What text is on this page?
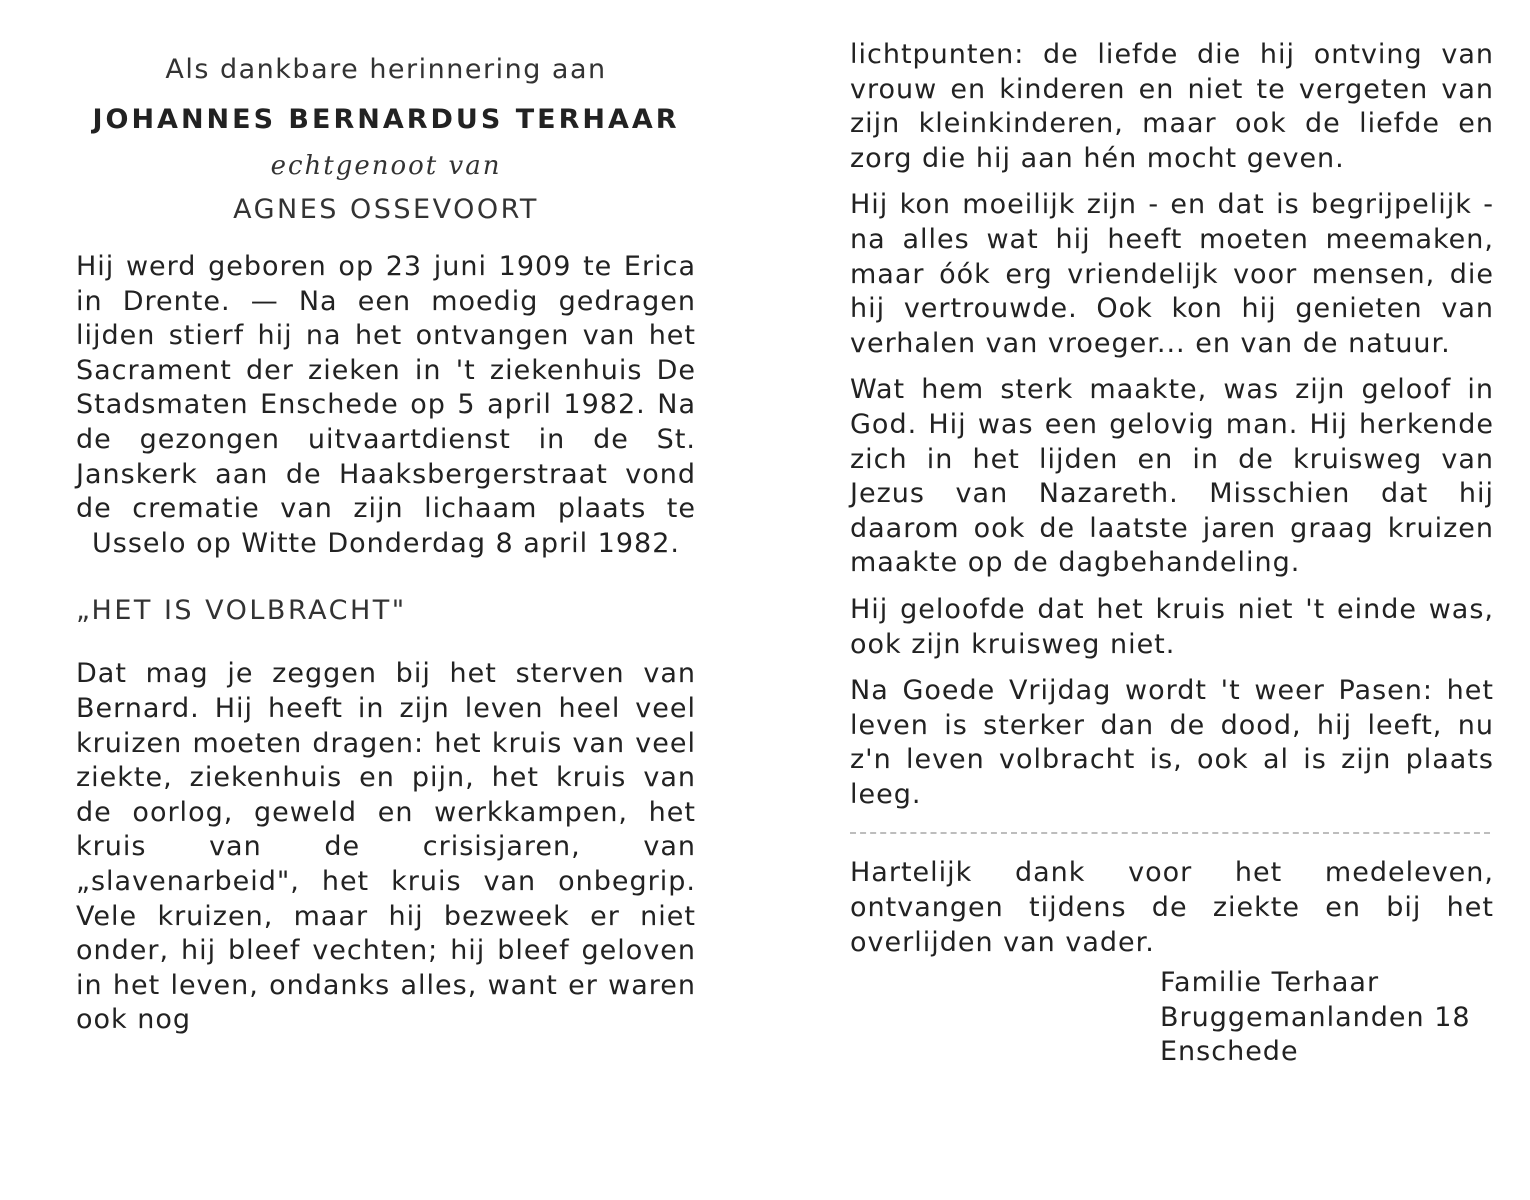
Als dankbare herinnering aan
JOHANNES BERNARDUS TERHAAR
echtgenoot van
AGNES OSSEVOORT
Hij werd geboren op 23 juni 1909 te Erica in Drente. — Na een moedig gedragen lijden stierf hij na het ontvangen van het Sacrament der zieken in 't ziekenhuis De Stadsmaten Enschede op 5 april 1982. Na de gezongen uitvaartdienst in de St. Janskerk aan de Haaksbergerstraat vond de crematie van zijn lichaam plaats te Usselo op Witte Donderdag 8 april 1982.
„HET IS VOLBRACHT"
Dat mag je zeggen bij het sterven van Bernard. Hij heeft in zijn leven heel veel kruizen moeten dragen: het kruis van veel ziekte, ziekenhuis en pijn, het kruis van de oorlog, geweld en werkkampen, het kruis van de crisisjaren, van „slavenarbeid", het kruis van onbegrip. Vele kruizen, maar hij bezweek er niet onder, hij bleef vechten; hij bleef geloven in het leven, ondanks alles, want er waren ook nog
lichtpunten: de liefde die hij ontving van vrouw en kinderen en niet te vergeten van zijn kleinkinderen, maar ook de liefde en zorg die hij aan hén mocht geven.
Hij kon moeilijk zijn - en dat is begrijpelijk - na alles wat hij heeft moeten meemaken, maar óók erg vriendelijk voor mensen, die hij vertrouwde. Ook kon hij genieten van verhalen van vroeger... en van de natuur.
Wat hem sterk maakte, was zijn geloof in God. Hij was een gelovig man. Hij herkende zich in het lijden en in de kruisweg van Jezus van Nazareth. Misschien dat hij daarom ook de laatste jaren graag kruizen maakte op de dagbehandeling.
Hij geloofde dat het kruis niet 't einde was, ook zijn kruisweg niet.
Na Goede Vrijdag wordt 't weer Pasen: het leven is sterker dan de dood, hij leeft, nu z'n leven volbracht is, ook al is zijn plaats leeg.
Hartelijk dank voor het medeleven, ontvangen tijdens de ziekte en bij het overlijden van vader.
Familie Terhaar
Bruggemanlanden 18
Enschede
